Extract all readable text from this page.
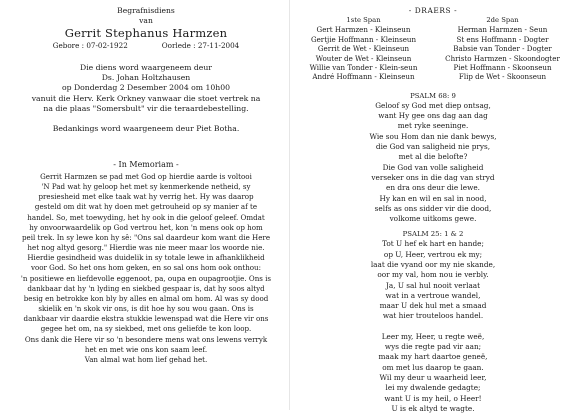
Begrafnisdiens
van
Gerrit Stephanus Harmzen
Gebore : 07-02-1922	Oorlede : 27-11-2004
Die diens word waargeneem deur
Ds. Johan Holtzhausen
op Donderdag 2 Desember 2004 om 10h00
vanuit die Herv. Kerk Orkney vanwaar die stoet vertrek na
na die plaas "Somersbult" vir die teraardebestelling.
Bedankings word waargeneem deur Piet Botha.
- In Memoriam -
Gerrit Harmzen se pad met God op hierdie aarde is voltooi
'N Pad wat hy geloop het met sy kenmerkende netheid, sy
presiesheid met elke taak wat hy verrig het. Hy was daarop
gesteld om dit wat hy doen met getrouheid op sy manier af te
handel. So, met toewyding, het hy ook in die geloof geleef. Omdat
hy onvoorwaardelik op God vertrou het, kon 'n mens ook op hom
peil trek. In sy lewe kon hy sê: "Ons sal daardeur kom want die Here
het nog altyd gesorg." Hierdie was nie meer maar los woorde nie.
Hierdie gesindheid was duidelik in sy totale lewe in afhanklikheid
voor God. So het ons hom geken, en so sal ons hom ook onthou:
'n positiewe en liefdevolle eggenoot, pa, oupa en oupagrootjie. Ons is
dankbaar dat hy 'n lyding en siekbed gespaar is, dat hy soos altyd
besig en betrokke kon bly by alles en almal om hom. Al was sy dood
skielik en 'n skok vir ons, is dit hoe hy sou wou gaan. Ons is
dankbaar vir daardie ekstra stukkie lewenspad wat die Here vir ons
gegee het om, na sy siekbed, met ons geliefde te kon loop.
Ons dank die Here vir so 'n besondere mens wat ons lewens verryk
het en met wie ons kon saam leef.
Van almal wat hom lief gehad het.
- DRAERS -
1ste Span
Gert Harmzen - Kleinseun
Gertjie Hoffmann - Kleinseun
Gerrit de Wet - Kleinseun
Wouter de Wet - Kleinseun
Willie van Tonder - Klein-seun
André Hoffmann - Kleinseun
2de Span
Herman Harmzen - Seun
St ens Hoffmann - Dogter
Babsie van Tonder - Dogter
Christo Harmzen - Skoondogter
Piet Hoffmann - Skoonseun
Flip de Wet - Skoonseun
PSALM 68: 9
Geloof sy God met diep ontsag,
want Hy gee ons dag aan dag
met ryke seeninge.
Wie sou Hom dan nie dank bewys,
die God van saligheid nie prys,
met al die belofte?
Die God van volle saligheid
verseker ons in die dag van stryd
en dra ons deur die lewe.
Hy kan en wil en sal in nood,
selfs as ons sidder vir die dood,
volkome uitkoms gewe.
PSALM 25: 1 & 2
Tot U hef ek hart en hande;
op U, Heer, vertrou ek my;
laat die vyand oor my nie skande,
oor my val, hom nou ie verbly.
Ja, U sal hul nooit verlaat
wat in a vertroue wandel,
maar U dek hul met a smaad
wat hier trouteloos handel.
Leer my, Heer, u regte weë,
wys die regte pad vir aan;
maak my hart daartoe geneë,
om met lus daarop te gaan.
Wil my deur u waarheid leer,
lei my dwalende gedagte;
want U is my heil, o Heer!
U is ek altyd te wagte.
